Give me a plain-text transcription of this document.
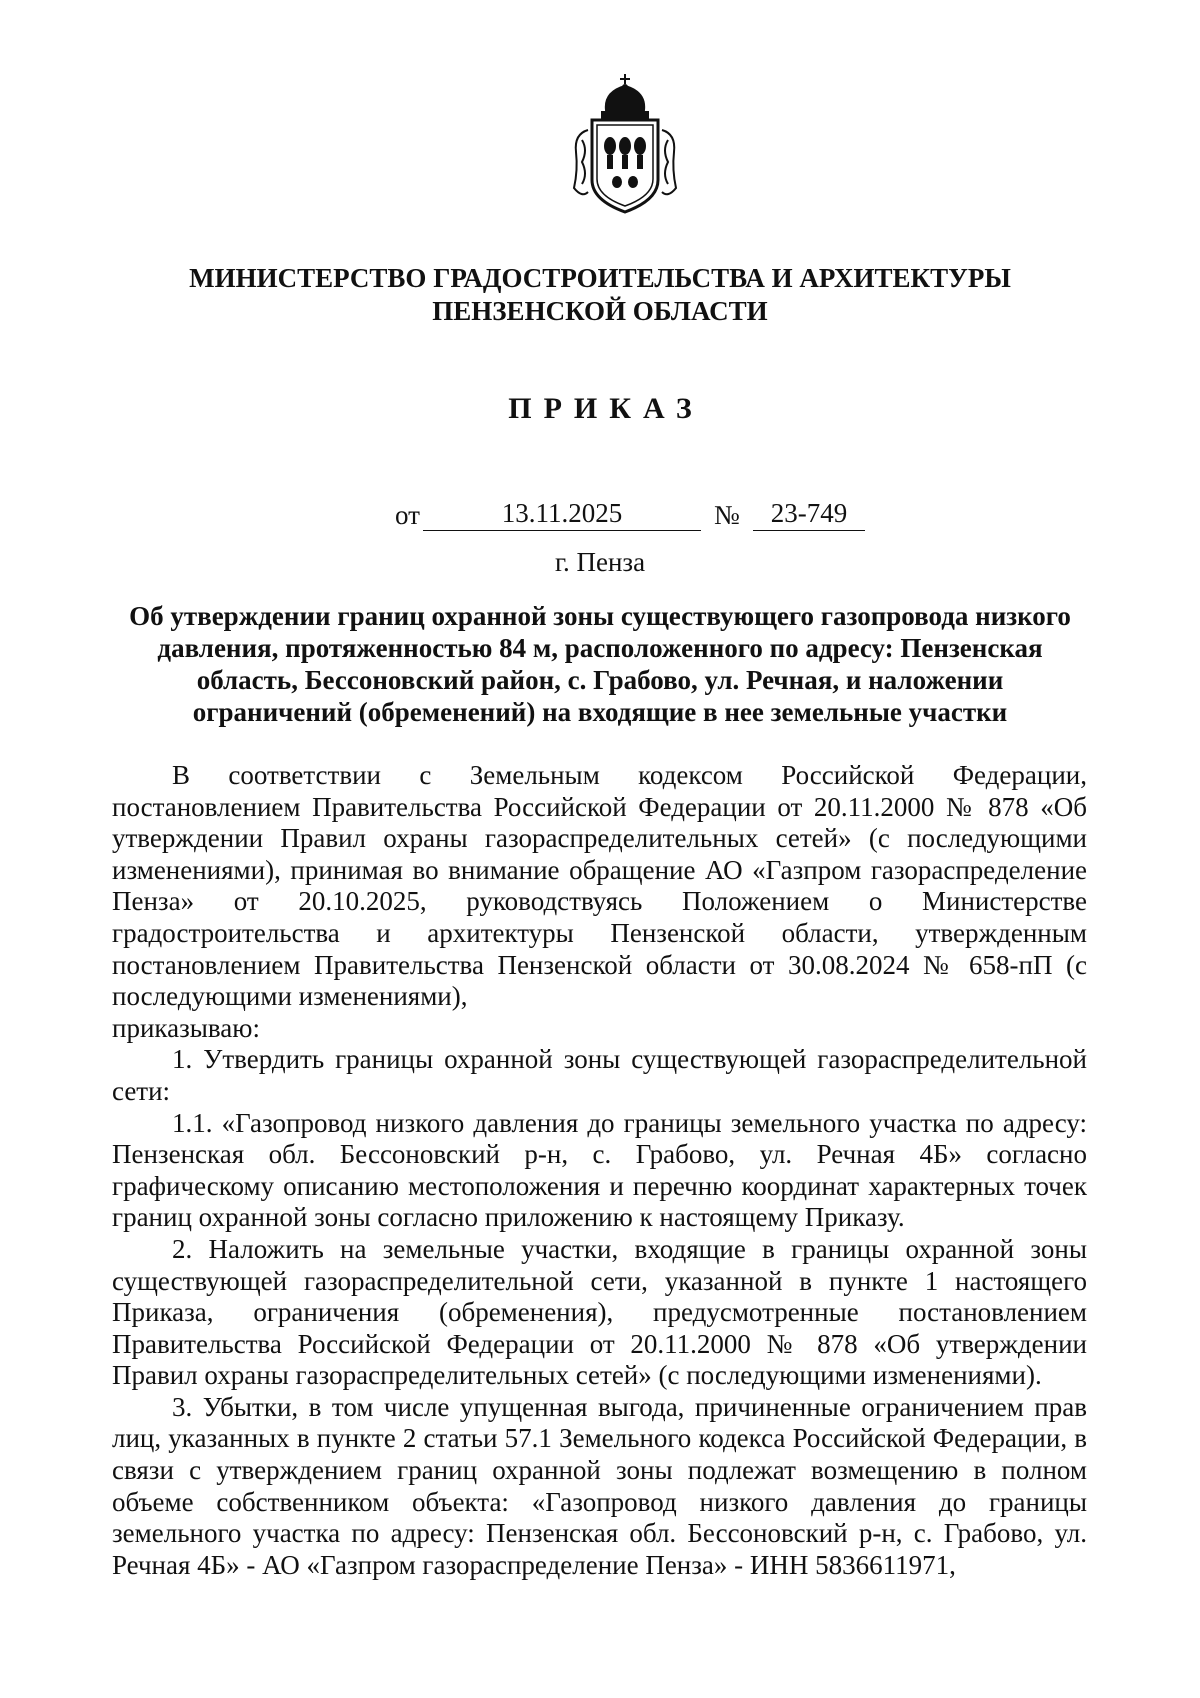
МИНИСТЕРСТВО ГРАДОСТРОИТЕЛЬСТВА И АРХИТЕКТУРЫ
ПЕНЗЕНСКОЙ ОБЛАСТИ
ПРИКАЗ
от	13.11.2025	№	23-749
г. Пенза
Об утверждении границ охранной зоны существующего газопровода низкого давления, протяженностью 84 м, расположенного по адресу: Пензенская область, Бессоновский район, с. Грабово, ул. Речная, и наложении ограничений (обременений) на входящие в нее земельные участки

В соответствии с Земельным кодексом Российской Федерации, постановлением Правительства Российской Федерации от 20.11.2000 № 878 «Об утверждении Правил охраны газораспределительных сетей» (с последующими изменениями), принимая во внимание обращение АО «Газпром газораспределение Пенза» от 20.10.2025, руководствуясь Положением о Министерстве градостроительства и архитектуры Пензенской области, утвержденным постановлением Правительства Пензенской области от 30.08.2024 № 658-пП (с последующими изменениями),

приказываю:

1. Утвердить границы охранной зоны существующей газораспределительной сети:

1.1. «Газопровод низкого давления до границы земельного участка по адресу: Пензенская обл. Бессоновский р-н, с. Грабово, ул. Речная 4Б» согласно графическому описанию местоположения и перечню координат характерных точек границ охранной зоны согласно приложению к настоящему Приказу.

2. Наложить на земельные участки, входящие в границы охранной зоны существующей газораспределительной сети, указанной в пункте 1 настоящего Приказа, ограничения (обременения), предусмотренные постановлением Правительства Российской Федерации от 20.11.2000 № 878 «Об утверждении Правил охраны газораспределительных сетей» (с последующими изменениями).

3. Убытки, в том числе упущенная выгода, причиненные ограничением прав лиц, указанных в пункте 2 статьи 57.1 Земельного кодекса Российской Федерации, в связи с утверждением границ охранной зоны подлежат возмещению в полном объеме собственником объекта: «Газопровод низкого давления до границы земельного участка по адресу: Пензенская обл. Бессоновский р-н, с. Грабово, ул. Речная 4Б» - АО «Газпром газораспределение Пенза» - ИНН 5836611971,
